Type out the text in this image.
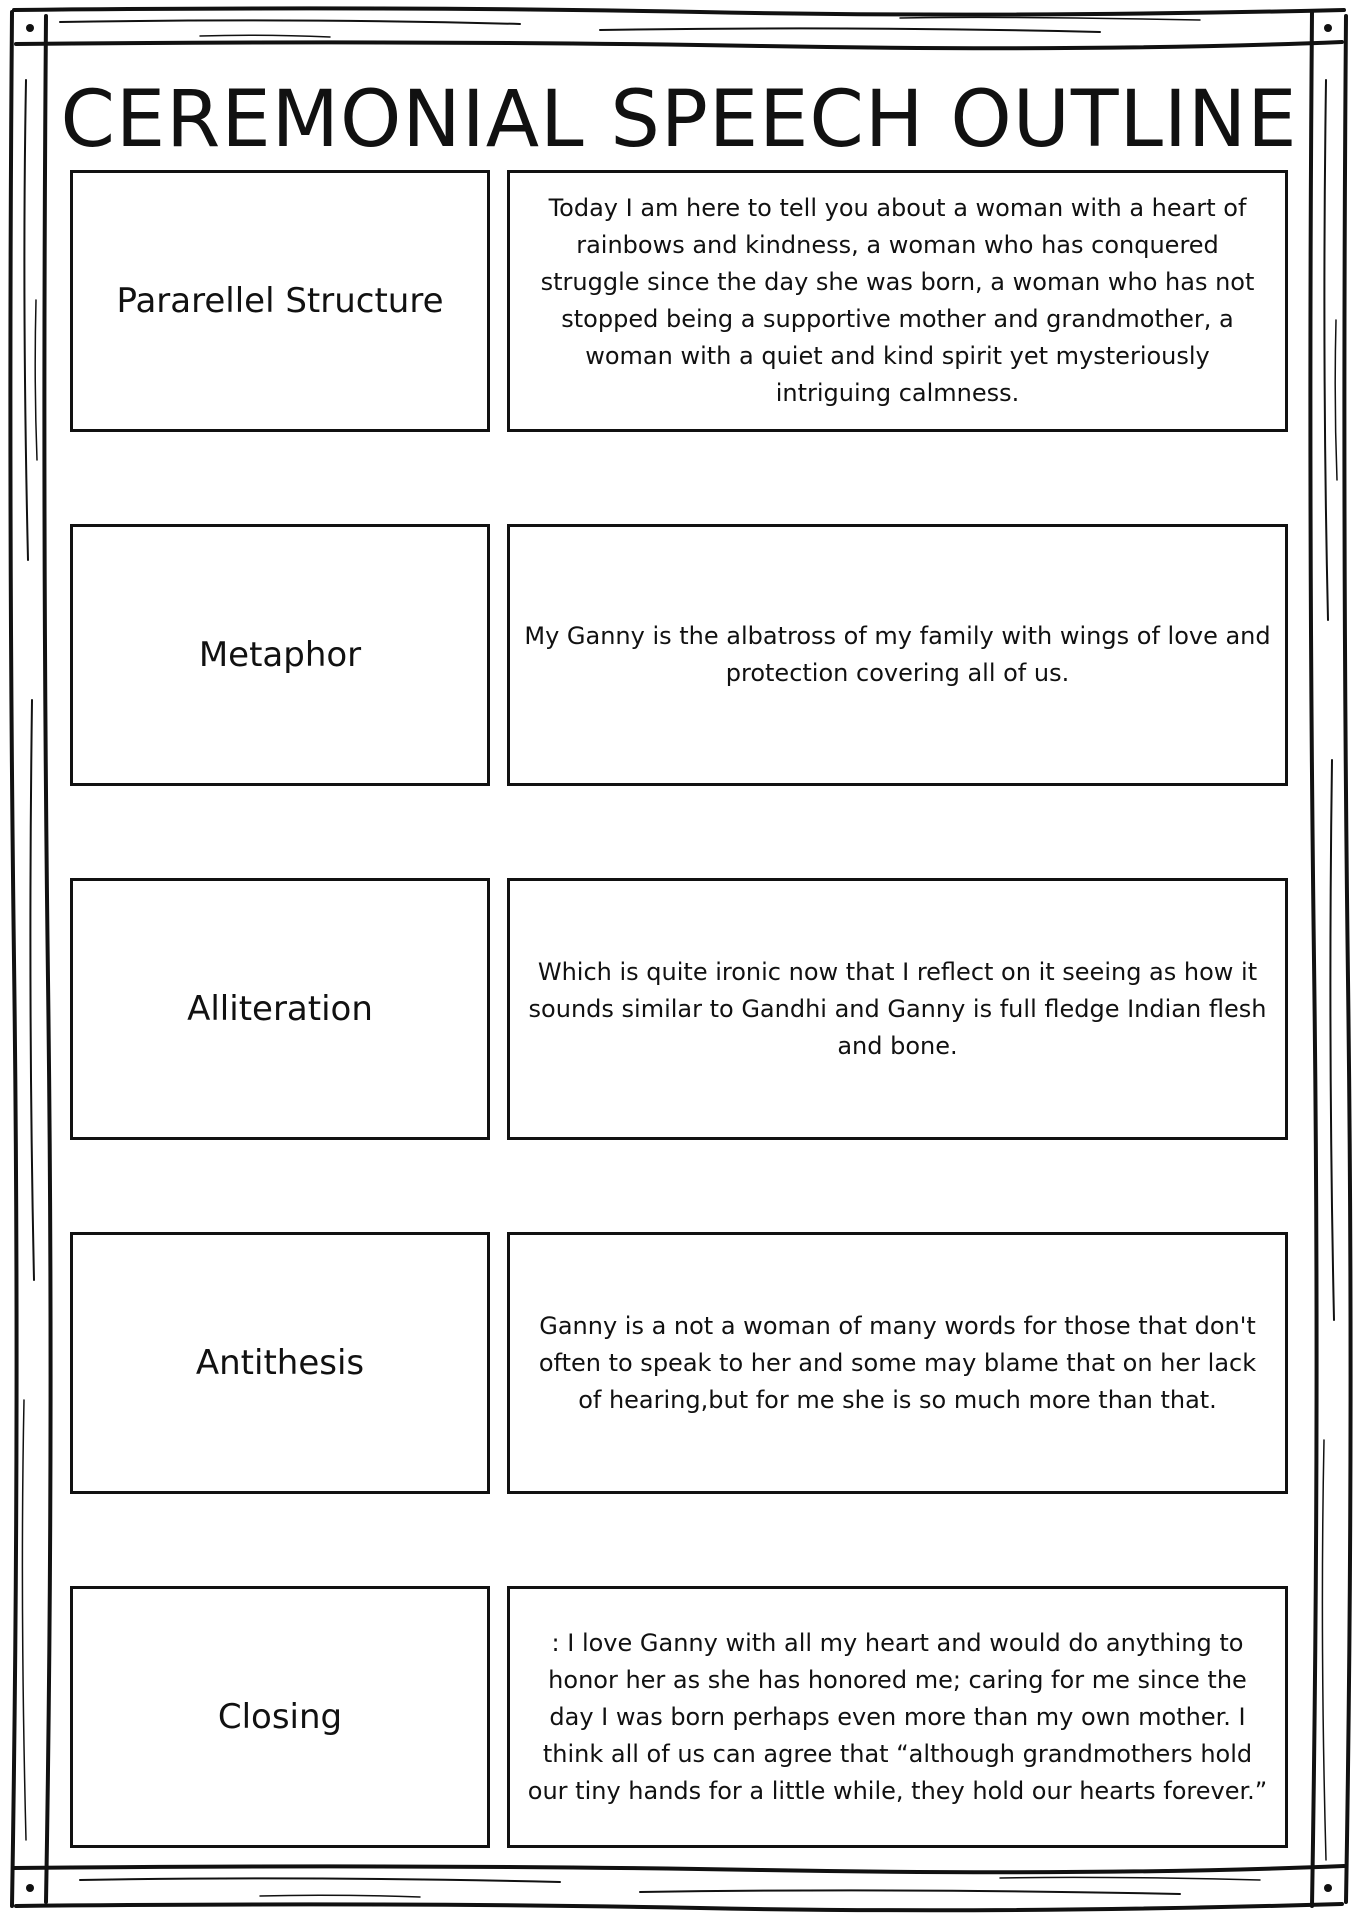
CEREMONIAL SPEECH OUTLINE
Pararellel Structure
Today I am here to tell you about a woman with a heart of rainbows and kindness, a woman who has conquered struggle since the day she was born, a woman who has not stopped being a supportive mother and grandmother, a woman with a quiet and kind spirit yet mysteriously intriguing calmness.
Metaphor	My Ganny is the albatross of my family with wings of love and protection covering all of us.
Alliteration
Which is quite ironic now that I reflect on it seeing as how it sounds similar to Gandhi and Ganny is full fledge Indian flesh and bone.
Antithesis
Ganny is a not a woman of many words for those that don't often to speak to her and some may blame that on her lack of hearing,but for me she is so much more than that.
Closing
: I love Ganny with all my heart and would do anything to honor her as she has honored me; caring for me since the day I was born perhaps even more than my own mother. I think all of us can agree that “although grandmothers hold our tiny hands for a little while, they hold our hearts forever.”
